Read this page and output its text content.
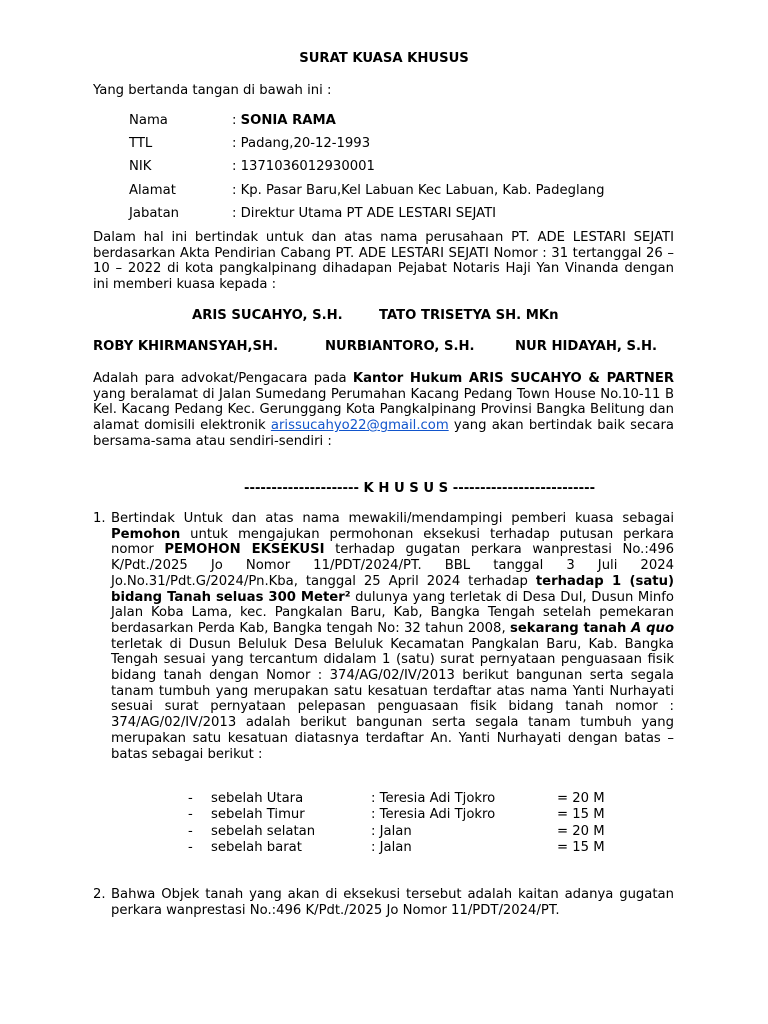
SURAT KUASA KHUSUS
Yang bertanda tangan di bawah ini :
Nama	: SONIA RAMA
TTL	: Padang,20-12-1993
NIK	: 1371036012930001
Alamat	: Kp. Pasar Baru,Kel Labuan Kec Labuan, Kab. Padeglang
Jabatan	: Direktur Utama PT ADE LESTARI SEJATI
Dalam hal ini bertindak untuk dan atas nama perusahaan PT. ADE LESTARI SEJATI berdasarkan Akta Pendirian Cabang PT. ADE LESTARI SEJATI Nomor : 31 tertanggal 26 – 10 – 2022 di kota pangkalpinang dihadapan Pejabat Notaris Haji Yan Vinanda dengan ini memberi kuasa kepada :
ARIS SUCAHYO, S.H.	TATO TRISETYA SH. MKn
ROBY KHIRMANSYAH,SH.	NURBIANTORO, S.H.	NUR HIDAYAH, S.H.
Adalah para advokat/Pengacara pada Kantor Hukum ARIS SUCAHYO & PARTNER yang beralamat di Jalan Sumedang Perumahan Kacang Pedang Town House No.10-11 B Kel. Kacang Pedang Kec. Gerunggang Kota Pangkalpinang Provinsi Bangka Belitung dan alamat domisili elektronik arissucahyo22@gmail.com yang akan bertindak baik secara bersama-sama atau sendiri-sendiri :
--------------------- K H U S U S --------------------------
1. Bertindak Untuk dan atas nama mewakili/mendampingi pemberi kuasa sebagai Pemohon untuk mengajukan permohonan eksekusi terhadap putusan perkara nomor PEMOHON EKSEKUSI terhadap gugatan perkara wanprestasi No.:496 K/Pdt./2025 Jo Nomor 11/PDT/2024/PT. BBL tanggal 3 Juli 2024 Jo.No.31/Pdt.G/2024/Pn.Kba, tanggal 25 April 2024 terhadap terhadap 1 (satu) bidang Tanah seluas 300 Meter² dulunya yang terletak di Desa Dul, Dusun Minfo Jalan Koba Lama, kec. Pangkalan Baru, Kab, Bangka Tengah setelah pemekaran berdasarkan Perda Kab, Bangka tengah No: 32 tahun 2008, sekarang tanah A quo terletak di Dusun Beluluk Desa Beluluk Kecamatan Pangkalan Baru, Kab. Bangka Tengah sesuai yang tercantum didalam 1 (satu) surat pernyataan penguasaan fisik bidang tanah dengan Nomor : 374/AG/02/IV/2013 berikut bangunan serta segala tanam tumbuh yang merupakan satu kesatuan terdaftar atas nama Yanti Nurhayati sesuai surat pernyataan pelepasan penguasaan fisik bidang tanah nomor : 374/AG/02/IV/2013 adalah berikut bangunan serta segala tanam tumbuh yang merupakan satu kesatuan diatasnya terdaftar An. Yanti Nurhayati dengan batas –batas sebagai berikut :
- sebelah Utara	: Teresia Adi Tjokro	= 20 M
- sebelah Timur	: Teresia Adi Tjokro	= 15 M
- sebelah selatan	: Jalan	= 20 M
- sebelah barat	: Jalan	= 15 M
2. Bahwa Objek tanah yang akan di eksekusi tersebut adalah kaitan adanya gugatan perkara wanprestasi No.:496 K/Pdt./2025 Jo Nomor 11/PDT/2024/PT.
